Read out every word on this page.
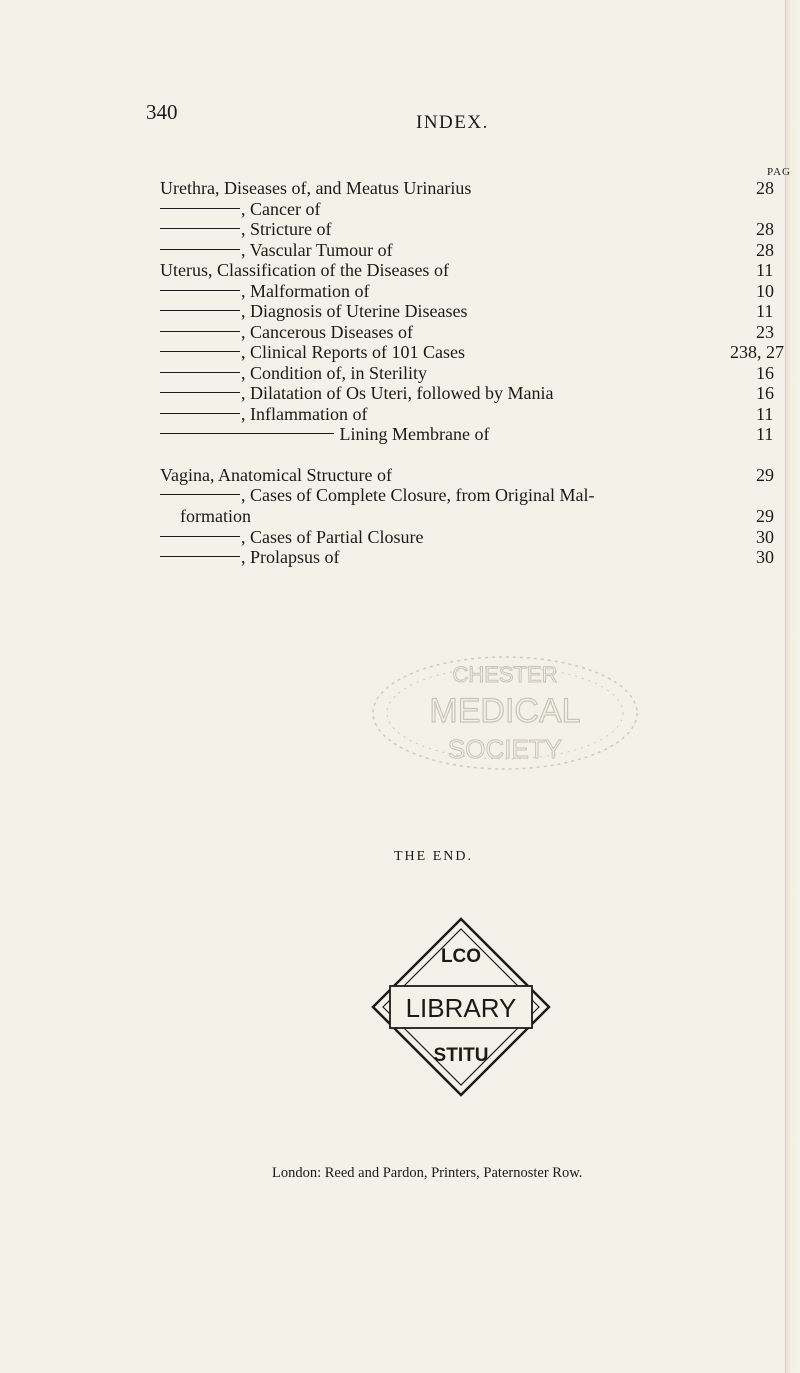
340	INDEX.
PAG
Urethra, Diseases of, and Meatus Urinarius	28
, Cancer of
, Stricture of	28
, Vascular Tumour of	28
Uterus, Classification of the Diseases of	11
, Malformation of	10
, Diagnosis of Uterine Diseases	11
, Cancerous Diseases of	23
, Clinical Reports of 101 Cases	238, 27
, Condition of, in Sterility	16
, Dilatation of Os Uteri, followed by Mania	16
, Inflammation of	11
Lining Membrane of	11
Vagina, Anatomical Structure of	29
, Cases of Complete Closure, from Original Mal-
formation	29
, Cases of Partial Closure	30
, Prolapsus of	30
CHESTER
MEDICAL
SOCIETY
THE END.
LIBRARY
LCO
STITU
London: Reed and Pardon, Printers, Paternoster Row.
